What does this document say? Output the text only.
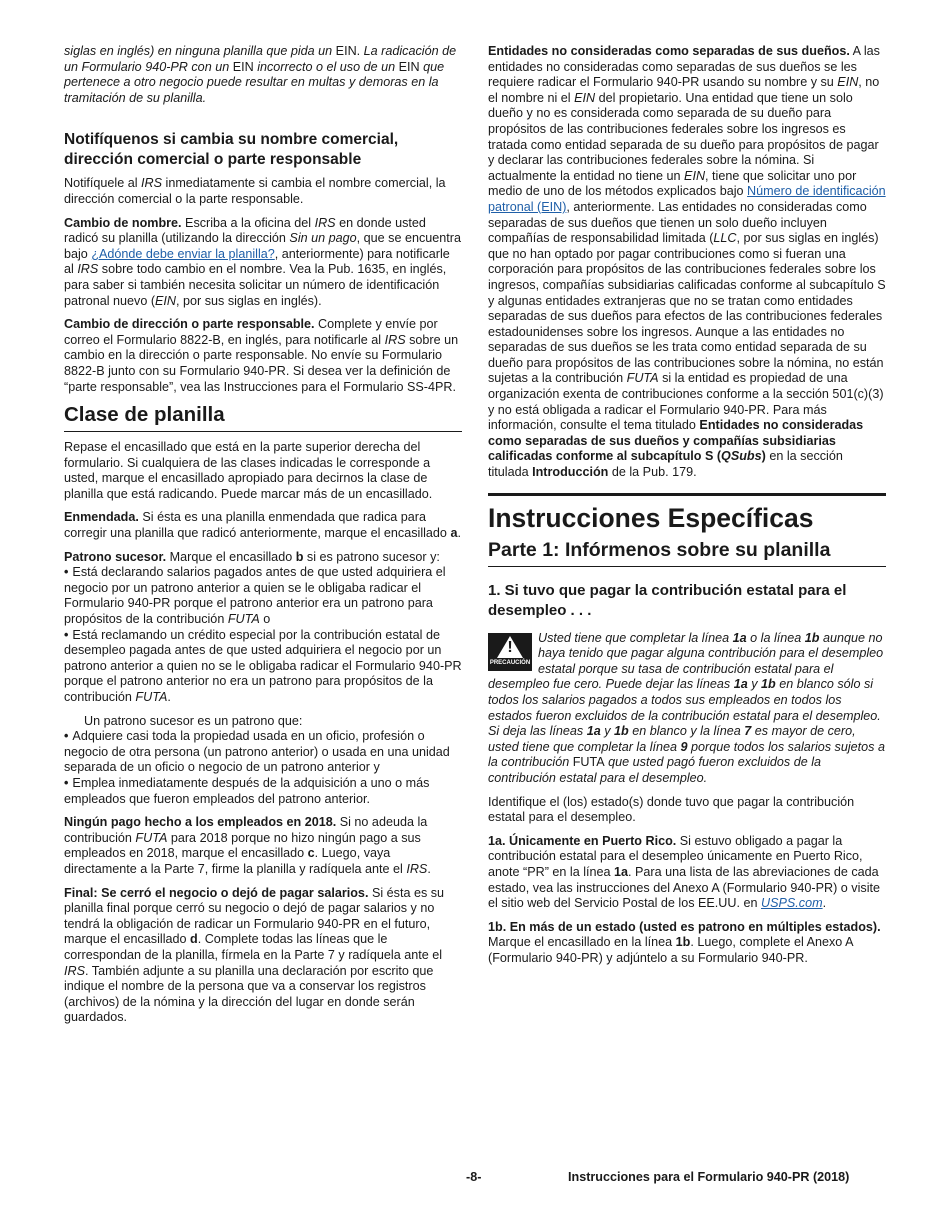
siglas en inglés) en ninguna planilla que pida un EIN. La radicación de un Formulario 940-PR con un EIN incorrecto o el uso de un EIN que pertenece a otro negocio puede resultar en multas y demoras en la tramitación de su planilla.

Notifíquenos si cambia su nombre comercial, dirección comercial o parte responsable

Notifíquele al IRS inmediatamente si cambia el nombre comercial, la dirección comercial o la parte responsable.

Cambio de nombre. Escriba a la oficina del IRS en donde usted radicó su planilla (utilizando la dirección Sin un pago, que se encuentra bajo ¿Adónde debe enviar la planilla?, anteriormente) para notificarle al IRS sobre todo cambio en el nombre. Vea la Pub. 1635, en inglés, para saber si también necesita solicitar un número de identificación patronal nuevo (EIN, por sus siglas en inglés).

Cambio de dirección o parte responsable. Complete y envíe por correo el Formulario 8822-B, en inglés, para notificarle al IRS sobre un cambio en la dirección o parte responsable. No envíe su Formulario 8822-B junto con su Formulario 940-PR. Si desea ver la definición de “parte responsable”, vea las Instrucciones para el Formulario SS-4PR.

Clase de planilla

Repase el encasillado que está en la parte superior derecha del formulario. Si cualquiera de las clases indicadas le corresponde a usted, marque el encasillado apropiado para decirnos la clase de planilla que está radicando. Puede marcar más de un encasillado.

Enmendada. Si ésta es una planilla enmendada que radica para corregir una planilla que radicó anteriormente, marque el encasillado a.

Patrono sucesor. Marque el encasillado b si es patrono sucesor y:

• Está declarando salarios pagados antes de que usted adquiriera el negocio por un patrono anterior a quien se le obligaba radicar el Formulario 940-PR porque el patrono anterior era un patrono para propósitos de la contribución FUTA o
• Está reclamando un crédito especial por la contribución estatal de desempleo pagada antes de que usted adquiriera el negocio por un patrono anterior a quien no se le obligaba radicar el Formulario 940-PR porque el patrono anterior no era un patrono para propósitos de la contribución FUTA.
Un patrono sucesor es un patrono que:
• Adquiere casi toda la propiedad usada en un oficio, profesión o negocio de otra persona (un patrono anterior) o usada en una unidad separada de un oficio o negocio de un patrono anterior y
• Emplea inmediatamente después de la adquisición a uno o más empleados que fueron empleados del patrono anterior.

Ningún pago hecho a los empleados en 2018. Si no adeuda la contribución FUTA para 2018 porque no hizo ningún pago a sus empleados en 2018, marque el encasillado c. Luego, vaya directamente a la Parte 7, firme la planilla y radíquela ante el IRS.

Final: Se cerró el negocio o dejó de pagar salarios. Si ésta es su planilla final porque cerró su negocio o dejó de pagar salarios y no tendrá la obligación de radicar un Formulario 940-PR en el futuro, marque el encasillado d. Complete todas las líneas que le correspondan de la planilla, fírmela en la Parte 7 y radíquela ante el IRS. También adjunte a su planilla una declaración por escrito que indique el nombre de la persona que va a conservar los registros (archivos) de la nómina y la dirección del lugar en donde serán guardados.

Entidades no consideradas como separadas de sus dueños. A las entidades no consideradas como separadas de sus dueños se les requiere radicar el Formulario 940-PR usando su nombre y su EIN, no el nombre ni el EIN del propietario. Una entidad que tiene un solo dueño y no es considerada como separada de su dueño para propósitos de las contribuciones federales sobre los ingresos es tratada como entidad separada de su dueño para propósitos de pagar y declarar las contribuciones federales sobre la nómina. Si actualmente la entidad no tiene un EIN, tiene que solicitar uno por medio de uno de los métodos explicados bajo Número de identificación patronal (EIN), anteriormente. Las entidades no consideradas como separadas de sus dueños que tienen un solo dueño incluyen compañías de responsabilidad limitada (LLC, por sus siglas en inglés) que no han optado por pagar contribuciones como si fueran una corporación para propósitos de las contribuciones federales sobre los ingresos, compañías subsidiarias calificadas conforme al subcapítulo S y algunas entidades extranjeras que no se tratan como entidades separadas de sus dueños para efectos de las contribuciones federales estadounidenses sobre los ingresos. Aunque a las entidades no separadas de sus dueños se les trata como entidad separada de su dueño para propósitos de las contribuciones sobre la nómina, no están sujetas a la contribución FUTA si la entidad es propiedad de una organización exenta de contribuciones conforme a la sección 501(c)(3) y no está obligada a radicar el Formulario 940-PR. Para más información, consulte el tema titulado Entidades no consideradas como separadas de sus dueños y compañías subsidiarias calificadas conforme al subcapítulo S (QSubs) en la sección titulada Introducción de la Pub. 179.

Instrucciones Específicas
Parte 1: Infórmenos sobre su planilla
1. Si tuvo que pagar la contribución estatal para el desempleo . . .
!
PRECAUCIÓN

Usted tiene que completar la línea 1a o la línea 1b aunque no haya tenido que pagar alguna contribución para el desempleo estatal porque su tasa de contribución estatal para el desempleo fue cero. Puede dejar las líneas 1a y 1b en blanco sólo si todos los salarios pagados a todos sus empleados en todos los estados fueron excluidos de la contribución estatal para el desempleo. Si deja las líneas 1a y 1b en blanco y la línea 7 es mayor de cero, usted tiene que completar la línea 9 porque todos los salarios sujetos a la contribución FUTA que usted pagó fueron excluidos de la contribución estatal para el desempleo.

Identifique el (los) estado(s) donde tuvo que pagar la contribución estatal para el desempleo.

1a. Únicamente en Puerto Rico. Si estuvo obligado a pagar la contribución estatal para el desempleo únicamente en Puerto Rico, anote “PR” en la línea 1a. Para una lista de las abreviaciones de cada estado, vea las instrucciones del Anexo A (Formulario 940-PR) o visite el sitio web del Servicio Postal de los EE.UU. en USPS.com.

1b. En más de un estado (usted es patrono en múltiples estados). Marque el encasillado en la línea 1b. Luego, complete el Anexo A (Formulario 940-PR) y adjúntelo a su Formulario 940-PR.

-8-	Instrucciones para el Formulario 940-PR (2018)
